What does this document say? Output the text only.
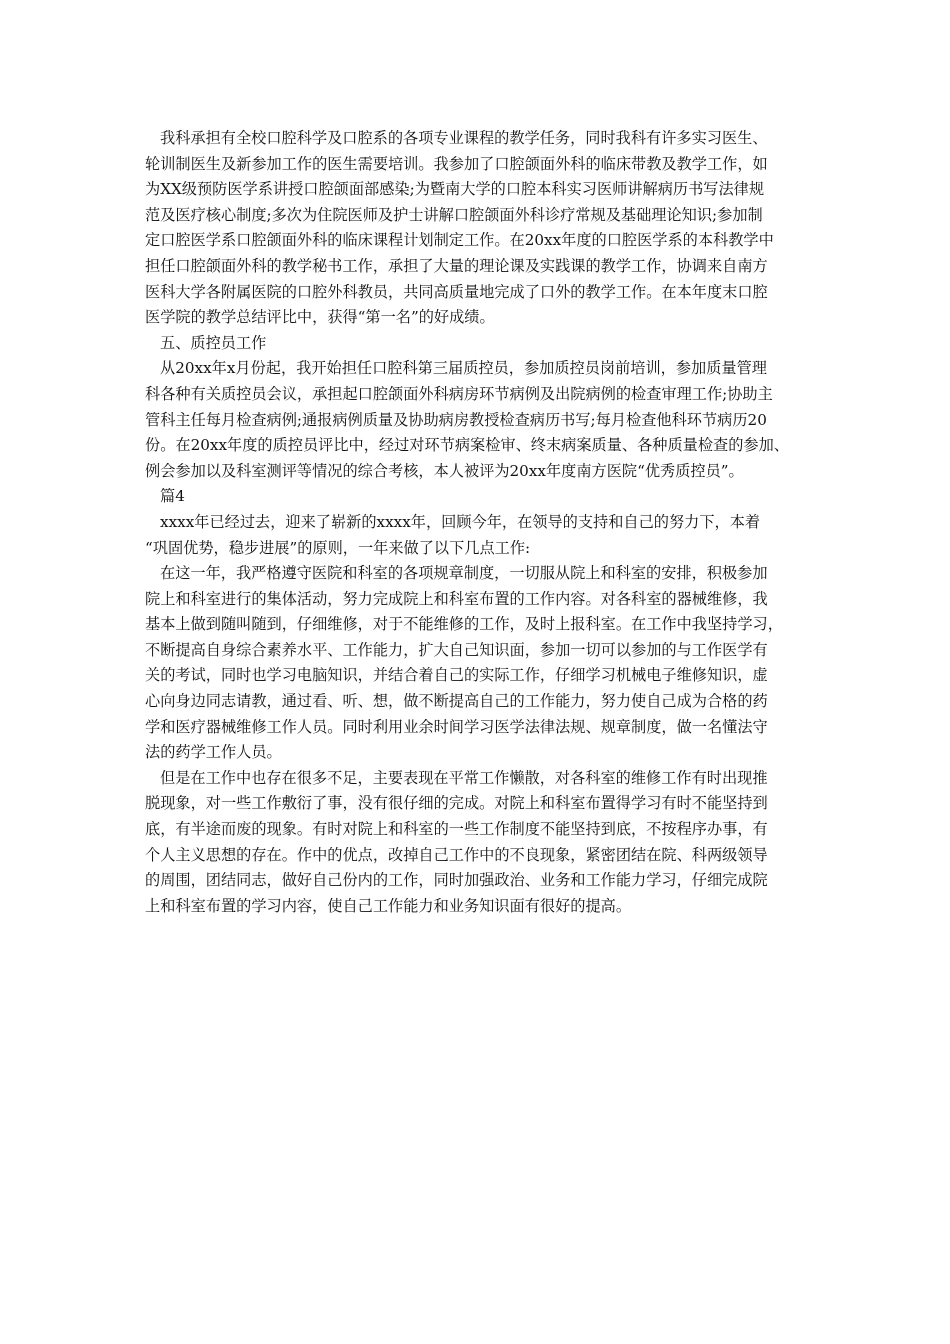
我科承担有全校口腔科学及口腔系的各项专业课程的教学任务，同时我科有许多实习医生、
轮训制医生及新参加工作的医生需要培训。我参加了口腔颌面外科的临床带教及教学工作，如
为XX级预防医学系讲授口腔颌面部感染;为暨南大学的口腔本科实习医师讲解病历书写法律规
范及医疗核心制度;多次为住院医师及护士讲解口腔颌面外科诊疗常规及基础理论知识;参加制
定口腔医学系口腔颌面外科的临床课程计划制定工作。在20xx年度的口腔医学系的本科教学中
担任口腔颌面外科的教学秘书工作，承担了大量的理论课及实践课的教学工作，协调来自南方
医科大学各附属医院的口腔外科教员，共同高质量地完成了口外的教学工作。在本年度末口腔
医学院的教学总结评比中，获得“第一名”的好成绩。
五、质控员工作
从20xx年x月份起，我开始担任口腔科第三届质控员，参加质控员岗前培训，参加质量管理
科各种有关质控员会议，承担起口腔颌面外科病房环节病例及出院病例的检查审理工作;协助主
管科主任每月检查病例;通报病例质量及协助病房教授检查病历书写;每月检查他科环节病历20
份。在20xx年度的质控员评比中，经过对环节病案检审、终末病案质量、各种质量检查的参加、
例会参加以及科室测评等情况的综合考核，本人被评为20xx年度南方医院“优秀质控员”。
篇4
xxxx年已经过去，迎来了崭新的xxxx年，回顾今年，在领导的支持和自己的努力下，本着
“巩固优势，稳步进展”的原则，一年来做了以下几点工作:
在这一年，我严格遵守医院和科室的各项规章制度，一切服从院上和科室的安排，积极参加
院上和科室进行的集体活动，努力完成院上和科室布置的工作内容。对各科室的器械维修，我
基本上做到随叫随到，仔细维修，对于不能维修的工作，及时上报科室。在工作中我坚持学习，
不断提高自身综合素养水平、工作能力，扩大自己知识面，参加一切可以参加的与工作医学有
关的考试，同时也学习电脑知识，并结合着自己的实际工作，仔细学习机械电子维修知识，虚
心向身边同志请教，通过看、听、想，做不断提高自己的工作能力，努力使自己成为合格的药
学和医疗器械维修工作人员。同时利用业余时间学习医学法律法规、规章制度，做一名懂法守
法的药学工作人员。
但是在工作中也存在很多不足，主要表现在平常工作懒散，对各科室的维修工作有时出现推
脱现象，对一些工作敷衍了事，没有很仔细的完成。对院上和科室布置得学习有时不能坚持到
底，有半途而废的现象。有时对院上和科室的一些工作制度不能坚持到底，不按程序办事，有
个人主义思想的存在。作中的优点，改掉自己工作中的不良现象，紧密团结在院、科两级领导
的周围，团结同志，做好自己份内的工作，同时加强政治、业务和工作能力学习，仔细完成院
上和科室布置的学习内容，使自己工作能力和业务知识面有很好的提高。
